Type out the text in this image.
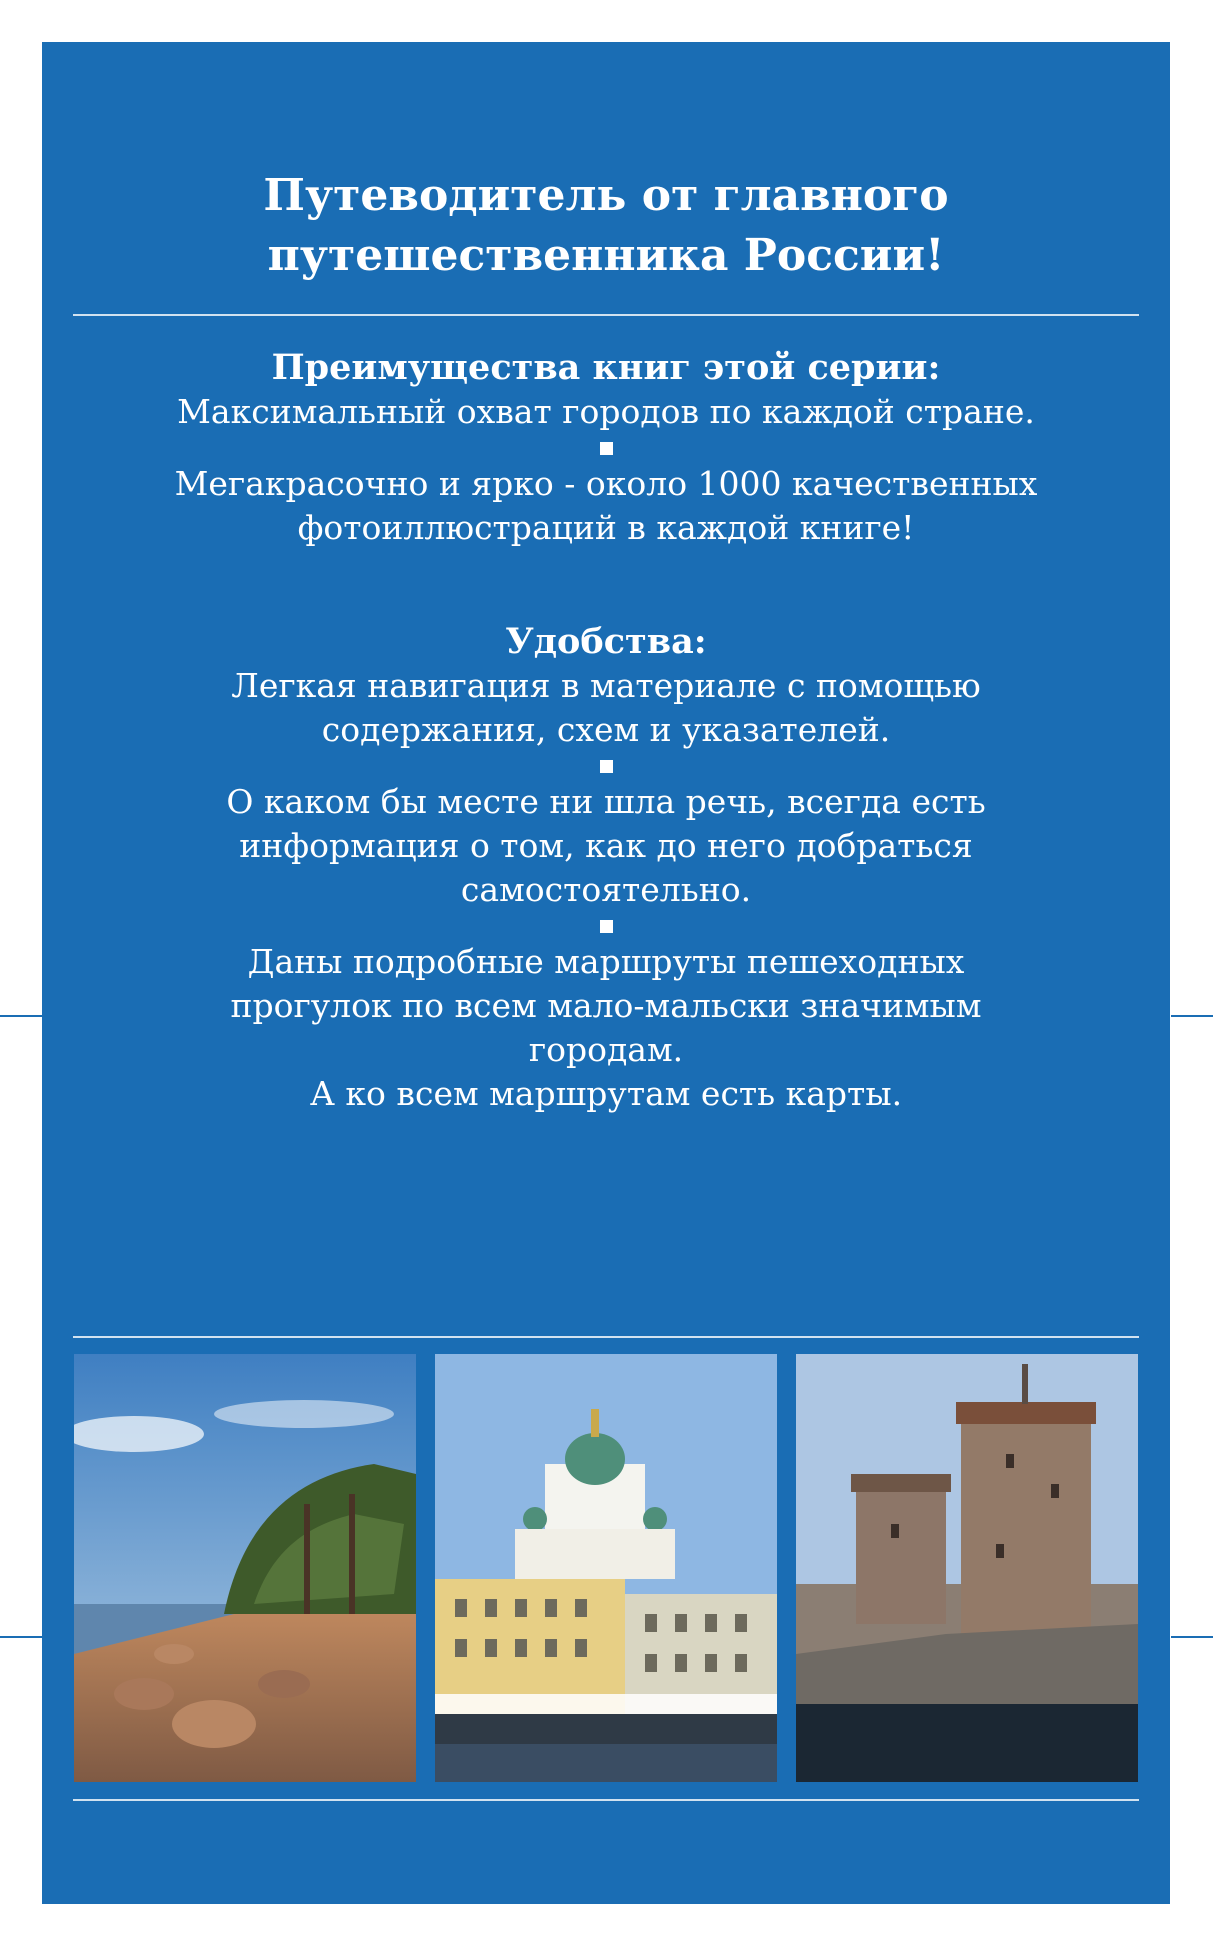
Путеводитель от главного
путешественника России!
Преимущества книг этой серии:
Максимальный охват городов по каждой стране.
Мегакрасочно и ярко - около 1000 качественных
фотоиллюстраций в каждой книге!
Удобства:
Легкая навигация в материале с помощью
содержания, схем и указателей.
О каком бы месте ни шла речь, всегда есть
информация о том, как до него добраться
самостоятельно.
Даны подробные маршруты пешеходных
прогулок по всем мало-мальски значимым
городам.
А ко всем маршрутам есть карты.
